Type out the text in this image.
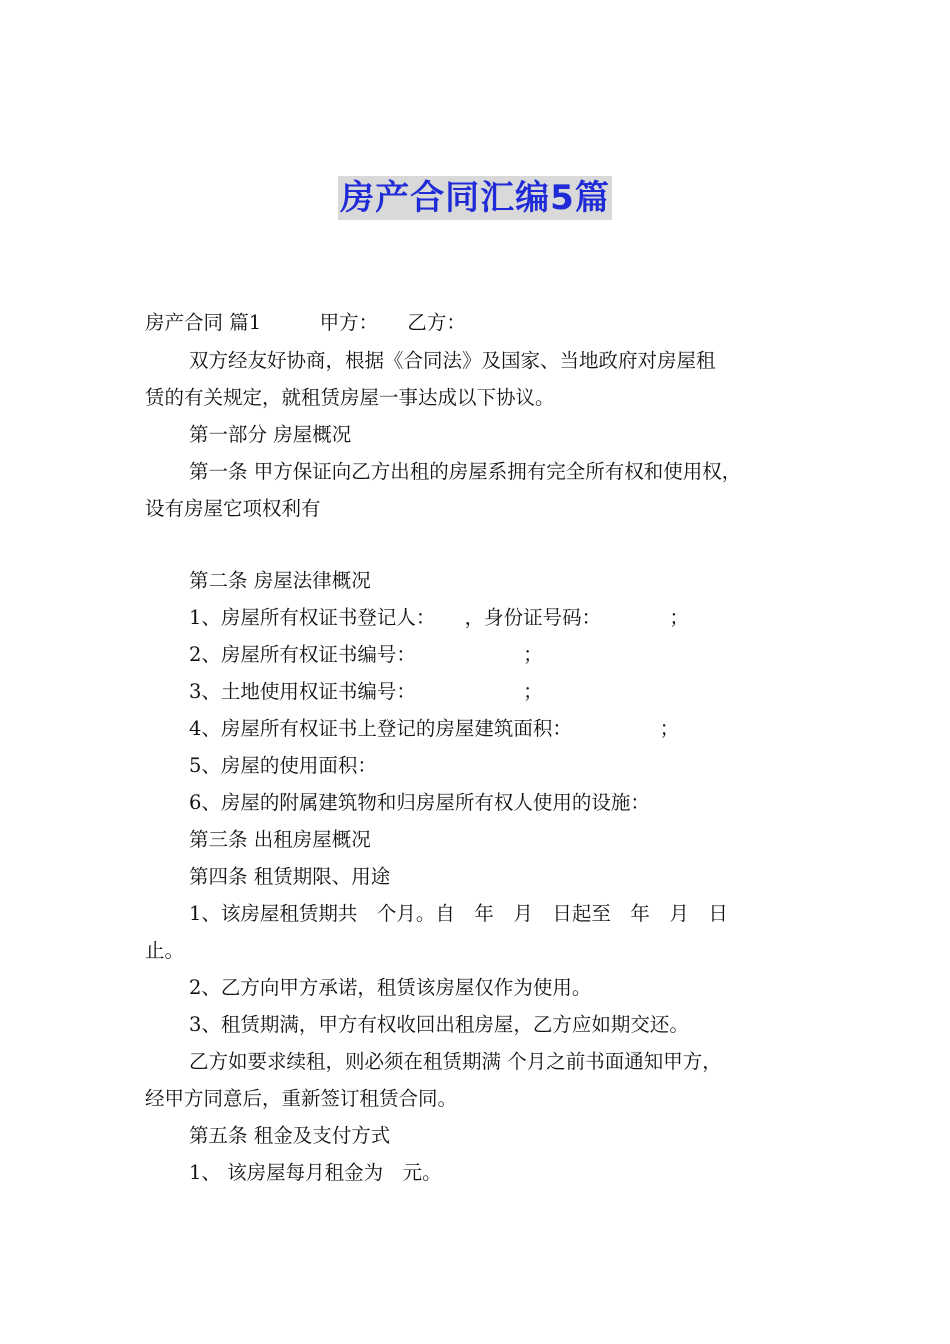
房产合同汇编5篇
房产合同 篇1　　　甲方：　　乙方：
双方经友好协商，根据《合同法》及国家、当地政府对房屋租
赁的有关规定，就租赁房屋一事达成以下协议。
第一部分 房屋概况
第一条 甲方保证向乙方出租的房屋系拥有完全所有权和使用权，
设有房屋它项权利有
第二条 房屋法律概况
1、房屋所有权证书登记人：　　，身份证号码：　　　　；
2、房屋所有权证书编号：　　　　　　；
3、土地使用权证书编号：　　　　　　；
4、房屋所有权证书上登记的房屋建筑面积：　　　　　；
5、房屋的使用面积：
6、房屋的附属建筑物和归房屋所有权人使用的设施：
第三条 出租房屋概况
第四条 租赁期限、用途
1、该房屋租赁期共　个月。自　年　月　日起至　年　月　日
止。
2、乙方向甲方承诺，租赁该房屋仅作为使用。
3、租赁期满，甲方有权收回出租房屋，乙方应如期交还。
乙方如要求续租，则必须在租赁期满 个月之前书面通知甲方，
经甲方同意后，重新签订租赁合同。
第五条 租金及支付方式
1、 该房屋每月租金为　元。
